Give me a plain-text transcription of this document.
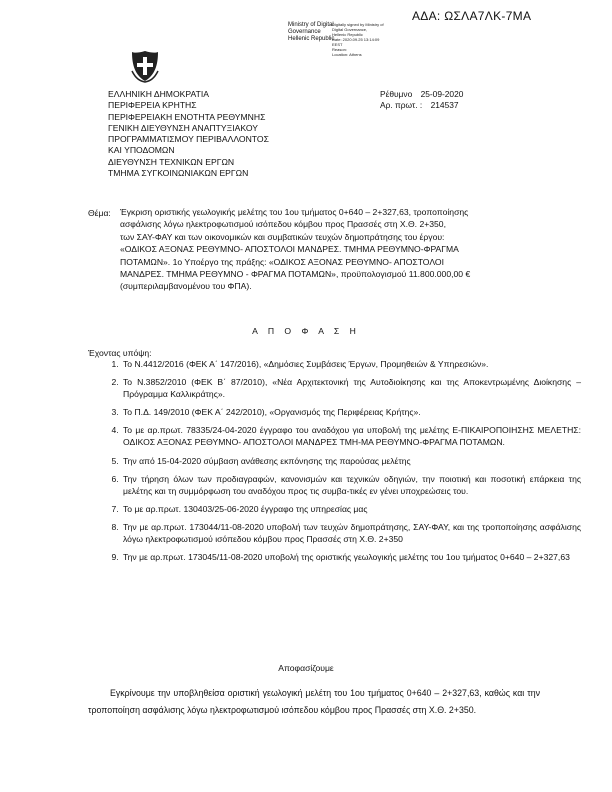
ΑΔΑ: ΩΣΛΑ7ΛΚ-7ΜΑ
Ministry of Digital
Governance
Hellenic Republic
Digitally signed by Ministry of
Digital Governance,
Hellenic Republic
Date: 2020.09.25 13:14:09
EEST
Reason:
Location: Athens
ΕΛΛΗΝΙΚΗ ΔΗΜΟΚΡΑΤΙΑ
ΠΕΡΙΦΕΡΕΙΑ ΚΡΗΤΗΣ
ΠΕΡΙΦΕΡΕΙΑΚΗ ΕΝΟΤΗΤΑ ΡΕΘΥΜΝΗΣ
ΓΕΝΙΚΗ ΔΙΕΥΘΥΝΣΗ ΑΝΑΠΤΥΞΙΑΚΟΥ
ΠΡΟΓΡΑΜΜΑΤΙΣΜΟΥ ΠΕΡΙΒΑΛΛΟΝΤΟΣ
ΚΑΙ ΥΠΟΔΟΜΩΝ
ΔΙΕΥΘΥΝΣΗ ΤΕΧΝΙΚΩΝ ΕΡΓΩΝ
ΤΜΗΜΑ ΣΥΓΚΟΙΝΩΝΙΑΚΩΝ ΕΡΓΩΝ
Ρέθυμνο 25-09-2020
Αρ. πρωτ. : 214537
Θέμα: Έγκριση οριστικής γεωλογικής μελέτης του 1ου τμήματος 0+640 – 2+327,63, τροποποίησης

ασφάλισης λόγω ηλεκτροφωτισμού ισόπεδου κόμβου προς Πρασσές στη Χ.Θ. 2+350,

των ΣΑΥ-ΦΑΥ και των οικονομικών και συμβατικών τευχών δημοπράτησης του έργου:

«ΟΔΙΚΟΣ ΑΞΟΝΑΣ ΡΕΘΥΜΝΟ- ΑΠΟΣΤΟΛΟΙ ΜΑΝΔΡΕΣ. ΤΜΗΜΑ ΡΕΘΥΜΝΟ-ΦΡΑΓΜΑ

ΠΟΤΑΜΩΝ». 1ο Υποέργο της πράξης: «ΟΔΙΚΟΣ ΑΞΟΝΑΣ ΡΕΘΥΜΝΟ- ΑΠΟΣΤΟΛΟΙ

ΜΑΝΔΡΕΣ. ΤΜΗΜΑ ΡΕΘΥΜΝΟ - ΦΡΑΓΜΑ ΠΟΤΑΜΩΝ», προϋπολογισμού 11.800.000,00 €

(συμπεριλαμβανομένου του ΦΠΑ).

Α Π Ο Φ Α Σ Η
Έχοντας υπόψη:
1. Το Ν.4412/2016 (ΦΕΚ Α΄ 147/2016), «Δημόσιες Συμβάσεις Έργων, Προμηθειών & Υπηρεσιών».
2. Το Ν.3852/2010 (ΦΕΚ Β΄ 87/2010), «Νέα Αρχιτεκτονική της Αυτοδιοίκησης και της Αποκεντρωμένης Διοίκησης – Πρόγραμμα Καλλικράτης».
3. Το Π.Δ. 149/2010 (ΦΕΚ Α΄ 242/2010), «Οργανισμός της Περιφέρειας Κρήτης».
4. Το με αρ.πρωτ. 78335/24-04-2020 έγγραφο του αναδόχου για υποβολή της μελέτης Ε-ΠΙΚΑΙΡΟΠΟΙΗΣΗΣ ΜΕΛΕΤΗΣ: ΟΔΙΚΟΣ ΑΞΟΝΑΣ ΡΕΘΥΜΝΟ- ΑΠΟΣΤΟΛΟΙ ΜΑΝΔΡΕΣ ΤΜΗ-ΜΑ ΡΕΘΥΜΝΟ-ΦΡΑΓΜΑ ΠΟΤΑΜΩΝ.
5. Την από 15-04-2020 σύμβαση ανάθεσης εκπόνησης της παρούσας μελέτης
6. Την τήρηση όλων των προδιαγραφών, κανονισμών και τεχνικών οδηγιών, την ποιοτική και ποσοτική επάρκεια της μελέτης και τη συμμόρφωση του αναδόχου προς τις συμβα-τικές εν γένει υποχρεώσεις του.
7. Το με αρ.πρωτ. 130403/25-06-2020 έγγραφο της υπηρεσίας μας
8. Την με αρ.πρωτ. 173044/11-08-2020 υποβολή των τευχών δημοπράτησης, ΣΑΥ-ΦΑΥ, και της τροποποίησης ασφάλισης λόγω ηλεκτροφωτισμού ισόπεδου κόμβου προς Πρασσές στη Χ.Θ. 2+350
9. Την με αρ.πρωτ. 173045/11-08-2020 υποβολή της οριστικής γεωλογικής μελέτης του 1ου τμήματος 0+640 – 2+327,63
Αποφασίζουμε

Εγκρίνουμε την υποβληθείσα οριστική γεωλογική μελέτη του 1ου τμήματος 0+640 – 2+327,63, καθώς και την τροποποίηση ασφάλισης λόγω ηλεκτροφωτισμού ισόπεδου κόμβου προς Πρασσές στη Χ.Θ. 2+350.
